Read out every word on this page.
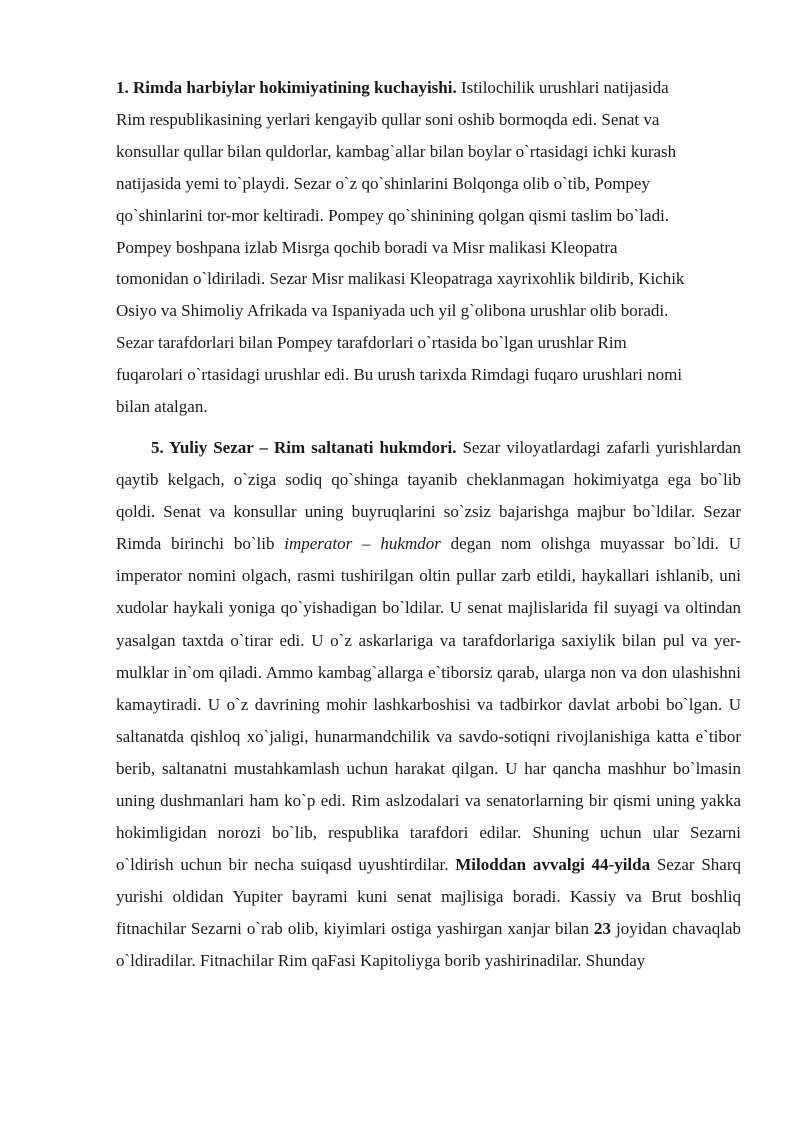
1. Rimda harbiylar hokimiyatining kuchayishi. Istilochilik urushlari natijasida
Rim respublikasining yerlari kengayib qullar soni oshib bormoqda edi. Senat va
konsullar qullar bilan quldorlar, kambag`allar bilan boylar o`rtasidagi ichki kurash
natijasida yemi to`playdi. Sezar o`z qo`shinlarini Bolqonga olib o`tib, Pompey
qo`shinlarini tor-mor keltiradi. Pompey qo`shinining qolgan qismi taslim bo`ladi.
Pompey boshpana izlab Misrga qochib boradi va Misr malikasi Kleopatra
tomonidan o`ldiriladi. Sezar Misr malikasi Kleopatraga xayrixohlik bildirib, Kichik
Osiyo va Shimoliy Afrikada va Ispaniyada uch yil g`olibona urushlar olib boradi.
Sezar tarafdorlari bilan Pompey tarafdorlari o`rtasida bo`lgan urushlar Rim
fuqarolari o`rtasidagi urushlar edi. Bu urush tarixda Rimdagi fuqaro urushlari nomi
bilan atalgan.

5. Yuliy Sezar – Rim saltanati hukmdori. Sezar viloyatlardagi zafarli yurishlardan qaytib kelgach, o`ziga sodiq qo`shinga tayanib cheklanmagan hokimiyatga ega bo`lib qoldi. Senat va konsullar uning buyruqlarini so`zsiz bajarishga majbur bo`ldilar. Sezar Rimda birinchi bo`lib imperator – hukmdor degan nom olishga muyassar bo`ldi. U imperator nomini olgach, rasmi tushirilgan oltin pullar zarb etildi, haykallari ishlanib, uni xudolar haykali yoniga qo`yishadigan bo`ldilar. U senat majlislarida fil suyagi va oltindan yasalgan taxtda o`tirar edi. U o`z askarlariga va tarafdorlariga saxiylik bilan pul va yer-mulklar in`om qiladi. Ammo kambag`allarga e`tiborsiz qarab, ularga non va don ulashishni kamaytiradi. U o`z davrining mohir lashkarboshisi va tadbirkor davlat arbobi bo`lgan. U saltanatda qishloq xo`jaligi, hunarmandchilik va savdo-sotiqni rivojlanishiga katta e`tibor berib, saltanatni mustahkamlash uchun harakat qilgan. U har qancha mashhur bo`lmasin uning dushmanlari ham ko`p edi. Rim aslzodalari va senatorlarning bir qismi uning yakka hokimligidan norozi bo`lib, respublika tarafdori edilar. Shuning uchun ular Sezarni o`ldirish uchun bir necha suiqasd uyushtirdilar. Miloddan avvalgi 44-yilda Sezar Sharq yurishi oldidan Yupiter bayrami kuni senat majlisiga boradi. Kassiy va Brut boshliq fitnachilar Sezarni o`rab olib, kiyimlari ostiga yashirgan xanjar bilan 23 joyidan chavaqlab o`ldiradilar. Fitnachilar Rim qaFasi Kapitoliyga borib yashirinadilar. Shunday
